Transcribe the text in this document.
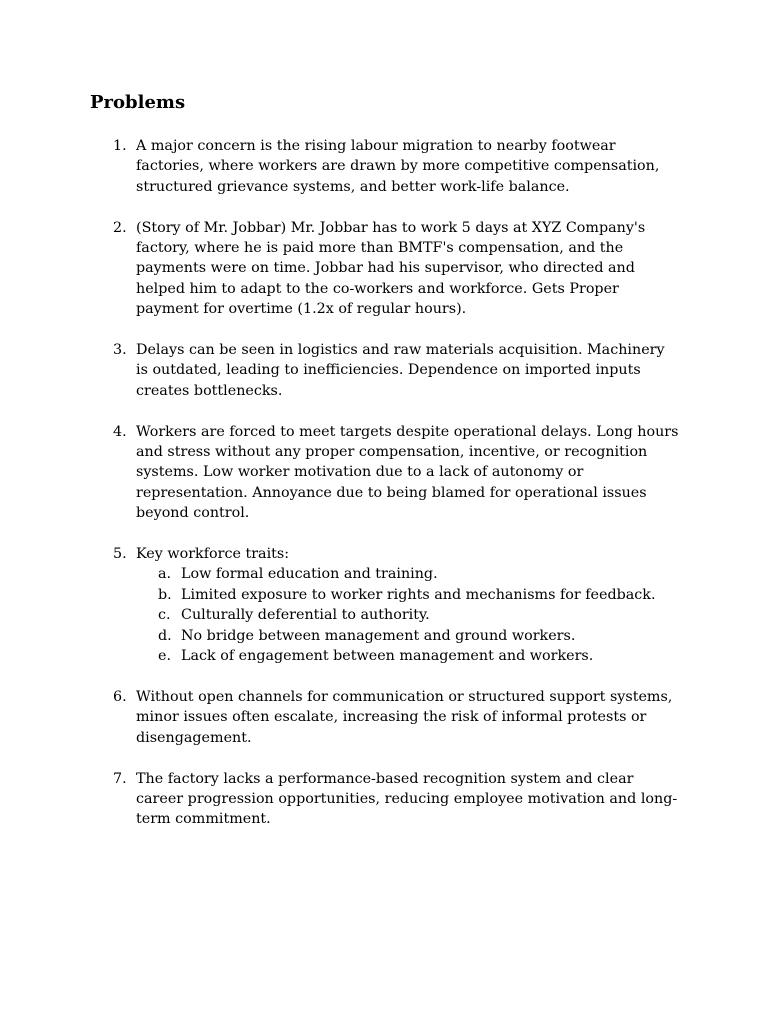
Problems
1. A major concern is the rising labour migration to nearby footwear factories, where workers are drawn by more competitive compensation, structured grievance systems, and better work-life balance.
2. (Story of Mr. Jobbar) Mr. Jobbar has to work 5 days at XYZ Company's factory, where he is paid more than BMTF's compensation, and the payments were on time. Jobbar had his supervisor, who directed and helped him to adapt to the co-workers and workforce. Gets Proper payment for overtime (1.2x of regular hours).
3. Delays can be seen in logistics and raw materials acquisition. Machinery is outdated, leading to inefficiencies. Dependence on imported inputs creates bottlenecks.
4. Workers are forced to meet targets despite operational delays. Long hours and stress without any proper compensation, incentive, or recognition systems. Low worker motivation due to a lack of autonomy or representation. Annoyance due to being blamed for operational issues beyond control.
5. Key workforce traits:
a. Low formal education and training.
b. Limited exposure to worker rights and mechanisms for feedback.
c. Culturally deferential to authority.
d. No bridge between management and ground workers.
e. Lack of engagement between management and workers.
6. Without open channels for communication or structured support systems, minor issues often escalate, increasing the risk of informal protests or disengagement.
7. The factory lacks a performance-based recognition system and clear career progression opportunities, reducing employee motivation and long-term commitment.
